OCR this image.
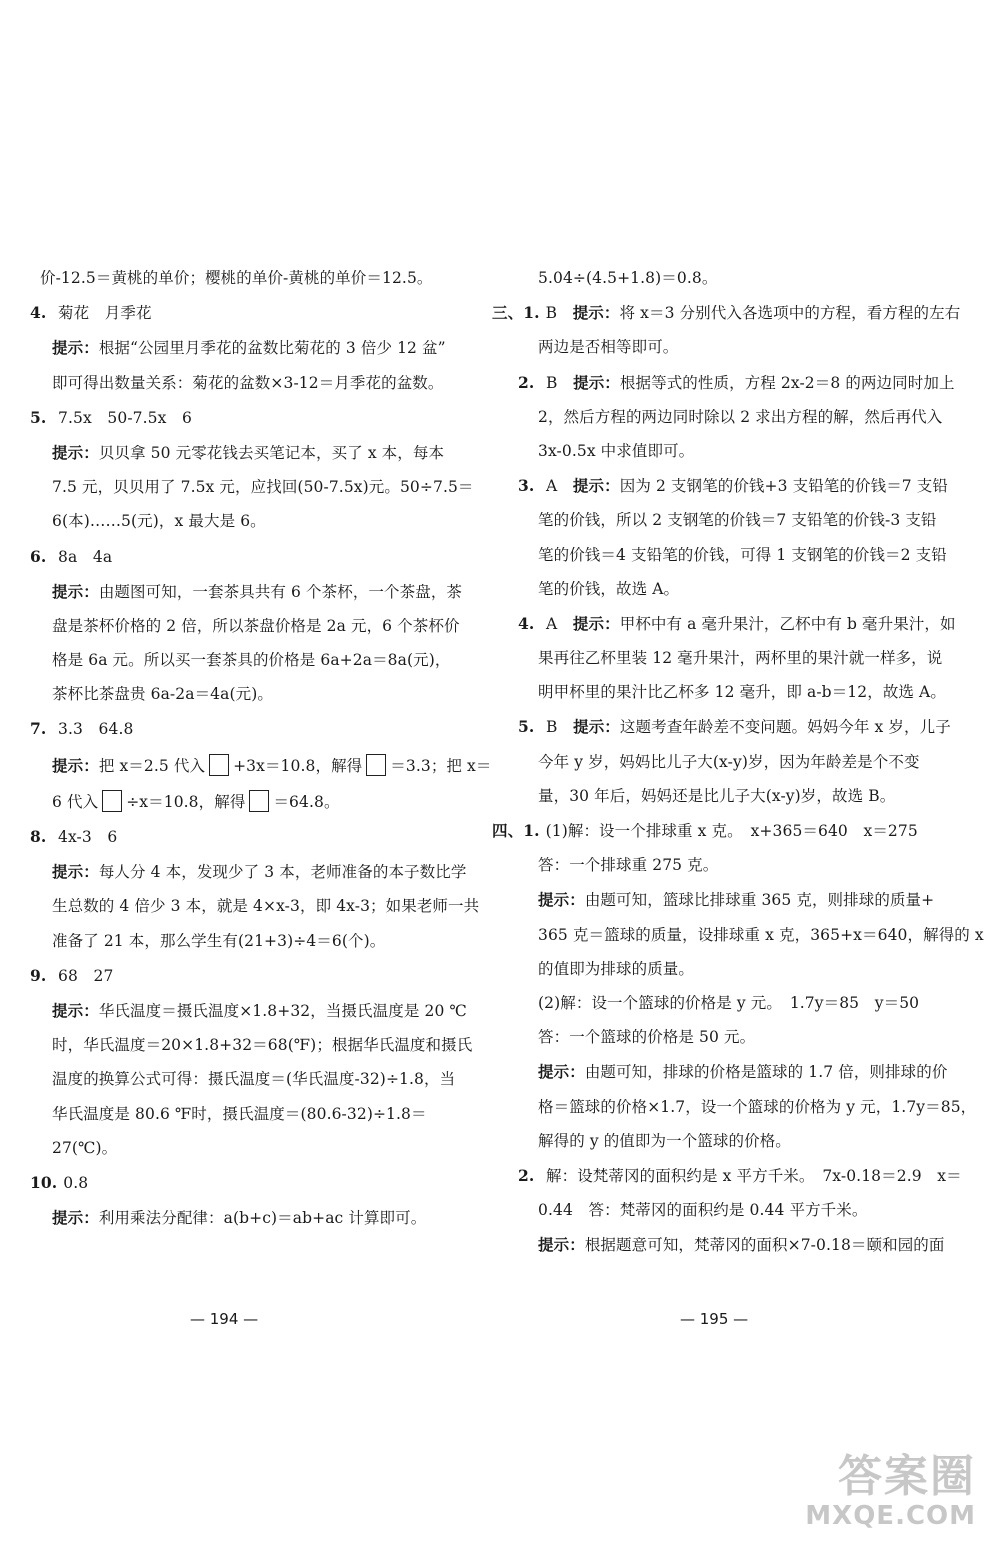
价-12.5＝黄桃的单价；樱桃的单价-黄桃的单价＝12.5。
4. 菊花　月季花
提示：根据“公园里月季花的盆数比菊花的 3 倍少 12 盆”
即可得出数量关系：菊花的盆数×3-12＝月季花的盆数。
5. 7.5x　50-7.5x　6
提示：贝贝拿 50 元零花钱去买笔记本，买了 x 本，每本
7.5 元，贝贝用了 7.5x 元，应找回(50-7.5x)元。50÷7.5＝
6(本)……5(元)，x 最大是 6。
6. 8a　4a
提示：由题图可知，一套茶具共有 6 个茶杯，一个茶盘，茶
盘是茶杯价格的 2 倍，所以茶盘价格是 2a 元，6 个茶杯价
格是 6a 元。所以买一套茶具的价格是 6a+2a＝8a(元)，
茶杯比茶盘贵 6a-2a＝4a(元)。
7. 3.3　64.8
提示：把 x＝2.5 代入 +3x＝10.8，解得 ＝3.3；把 x＝
6 代入 ÷x＝10.8，解得 ＝64.8。
8. 4x-3　6
提示：每人分 4 本，发现少了 3 本，老师准备的本子数比学
生总数的 4 倍少 3 本，就是 4×x-3，即 4x-3；如果老师一共
准备了 21 本，那么学生有(21+3)÷4＝6(个)。
9. 68　27
提示：华氏温度＝摄氏温度×1.8+32，当摄氏温度是 20 ℃
时，华氏温度＝20×1.8+32＝68(℉)；根据华氏温度和摄氏
温度的换算公式可得：摄氏温度＝(华氏温度-32)÷1.8，当
华氏温度是 80.6 ℉时，摄氏温度＝(80.6-32)÷1.8＝
27(℃)。
10. 0.8
提示：利用乘法分配律：a(b+c)＝ab+ac 计算即可。
5.04÷(4.5+1.8)＝0.8。
三、1. B　提示：将 x＝3 分别代入各选项中的方程，看方程的左右
两边是否相等即可。
2. B　提示：根据等式的性质，方程 2x-2＝8 的两边同时加上
2，然后方程的两边同时除以 2 求出方程的解，然后再代入
3x-0.5x 中求值即可。
3. A　提示：因为 2 支钢笔的价钱+3 支铅笔的价钱＝7 支铅
笔的价钱，所以 2 支钢笔的价钱＝7 支铅笔的价钱-3 支铅
笔的价钱＝4 支铅笔的价钱，可得 1 支钢笔的价钱＝2 支铅
笔的价钱，故选 A。
4. A　提示：甲杯中有 a 毫升果汁，乙杯中有 b 毫升果汁，如
果再往乙杯里装 12 毫升果汁，两杯里的果汁就一样多，说
明甲杯里的果汁比乙杯多 12 毫升，即 a-b＝12，故选 A。
5. B　提示：这题考查年龄差不变问题。妈妈今年 x 岁，儿子
今年 y 岁，妈妈比儿子大(x-y)岁，因为年龄差是个不变
量，30 年后，妈妈还是比儿子大(x-y)岁，故选 B。
四、1. (1)解：设一个排球重 x 克。　x+365＝640　x＝275
答：一个排球重 275 克。
提示：由题可知，篮球比排球重 365 克，则排球的质量+
365 克＝篮球的质量，设排球重 x 克，365+x＝640，解得的 x
的值即为排球的质量。
(2)解：设一个篮球的价格是 y 元。　1.7y＝85　y＝50
答：一个篮球的价格是 50 元。
提示：由题可知，排球的价格是篮球的 1.7 倍，则排球的价
格＝篮球的价格×1.7，设一个篮球的价格为 y 元，1.7y＝85，
解得的 y 的值即为一个篮球的价格。
2. 解：设梵蒂冈的面积约是 x 平方千米。　7x-0.18＝2.9　x＝
0.44　答：梵蒂冈的面积约是 0.44 平方千米。
提示：根据题意可知，梵蒂冈的面积×7-0.18＝颐和园的面
— 194 —	— 195 —
答案圈
MXQE.COM
